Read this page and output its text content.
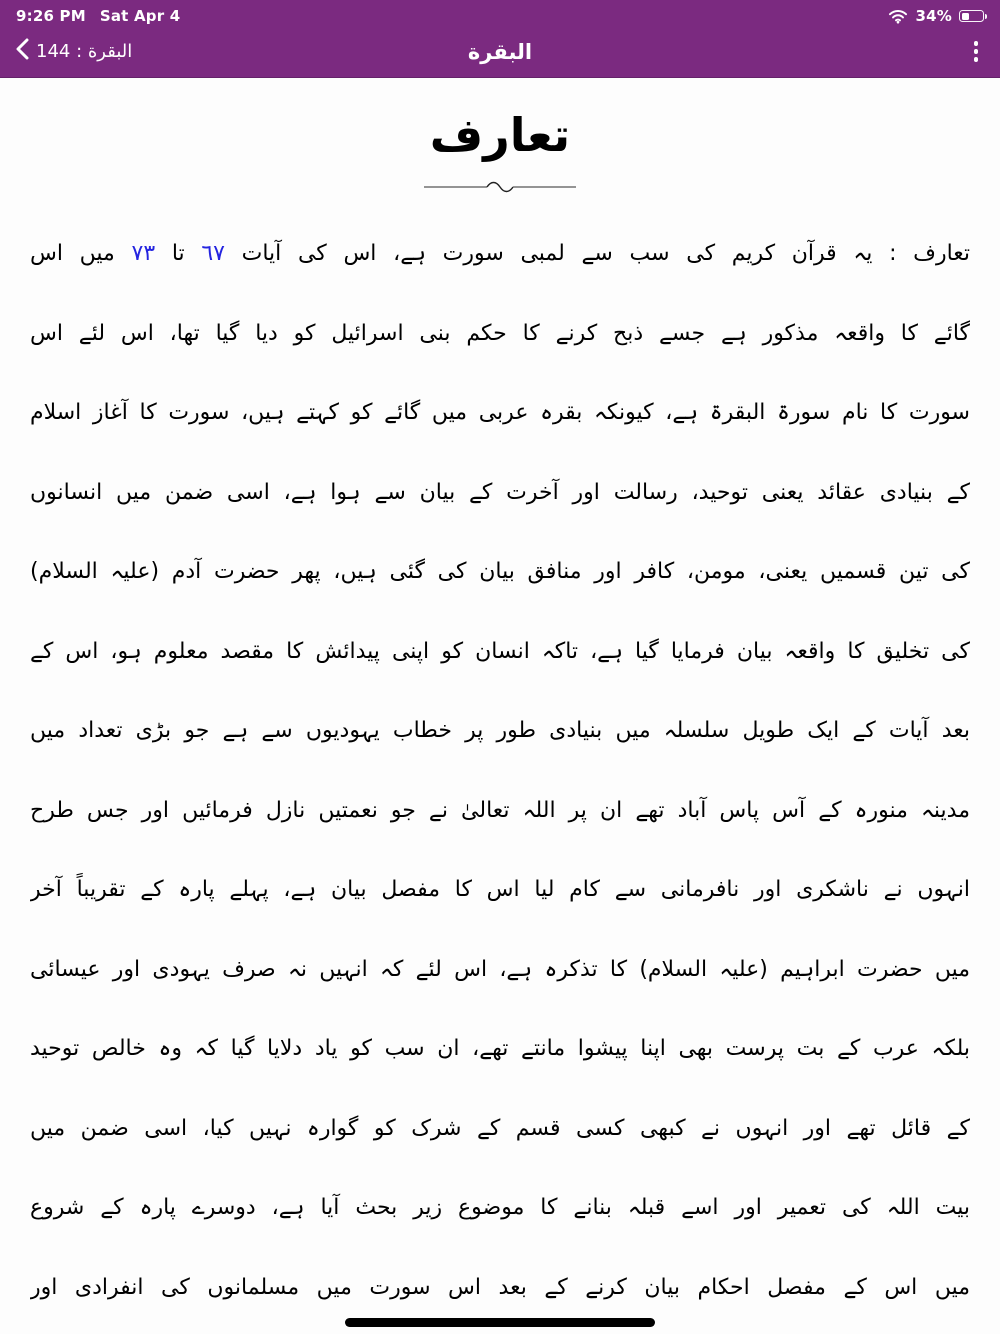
9:26 PM Sat Apr 4	34%
البقرة : 144	البقرة
تعارف
تعارف : یہ قرآن کریم کی سب سے لمبی سورت ہے، اس کی آیات ٦٧ تا ٧٣ میں اس
گائے کا واقعہ مذکور ہے جسے ذبح کرنے کا حکم بنی اسرائیل کو دیا گیا تھا، اس لئے اس
سورت کا نام سورۃ البقرۃ ہے، کیونکہ بقرہ عربی میں گائے کو کہتے ہیں، سورت کا آغاز اسلام
کے بنیادی عقائد یعنی توحید، رسالت اور آخرت کے بیان سے ہوا ہے، اسی ضمن میں انسانوں
کی تین قسمیں یعنی، مومن، کافر اور منافق بیان کی گئی ہیں، پھر حضرت آدم (علیہ السلام)
کی تخلیق کا واقعہ بیان فرمایا گیا ہے، تاکہ انسان کو اپنی پیدائش کا مقصد معلوم ہو، اس کے
بعد آیات کے ایک طویل سلسلہ میں بنیادی طور پر خطاب یہودیوں سے ہے جو بڑی تعداد میں
مدینہ منورہ کے آس پاس آباد تھے ان پر اللہ تعالیٰ نے جو نعمتیں نازل فرمائیں اور جس طرح
انہوں نے ناشکری اور نافرمانی سے کام لیا اس کا مفصل بیان ہے، پہلے پارہ کے تقریباً آخر
میں حضرت ابراہیم (علیہ السلام) کا تذکرہ ہے، اس لئے کہ انہیں نہ صرف یہودی اور عیسائی
بلکہ عرب کے بت پرست بھی اپنا پیشوا مانتے تھے، ان سب کو یاد دلایا گیا کہ وہ خالص توحید
کے قائل تھے اور انہوں نے کبھی کسی قسم کے شرک کو گوارہ نہیں کیا، اسی ضمن میں
بیت اللہ کی تعمیر اور اسے قبلہ بنانے کا موضوع زیر بحث آیا ہے، دوسرے پارہ کے شروع
میں اس کے مفصل احکام بیان کرنے کے بعد اس سورت میں مسلمانوں کی انفرادی اور
